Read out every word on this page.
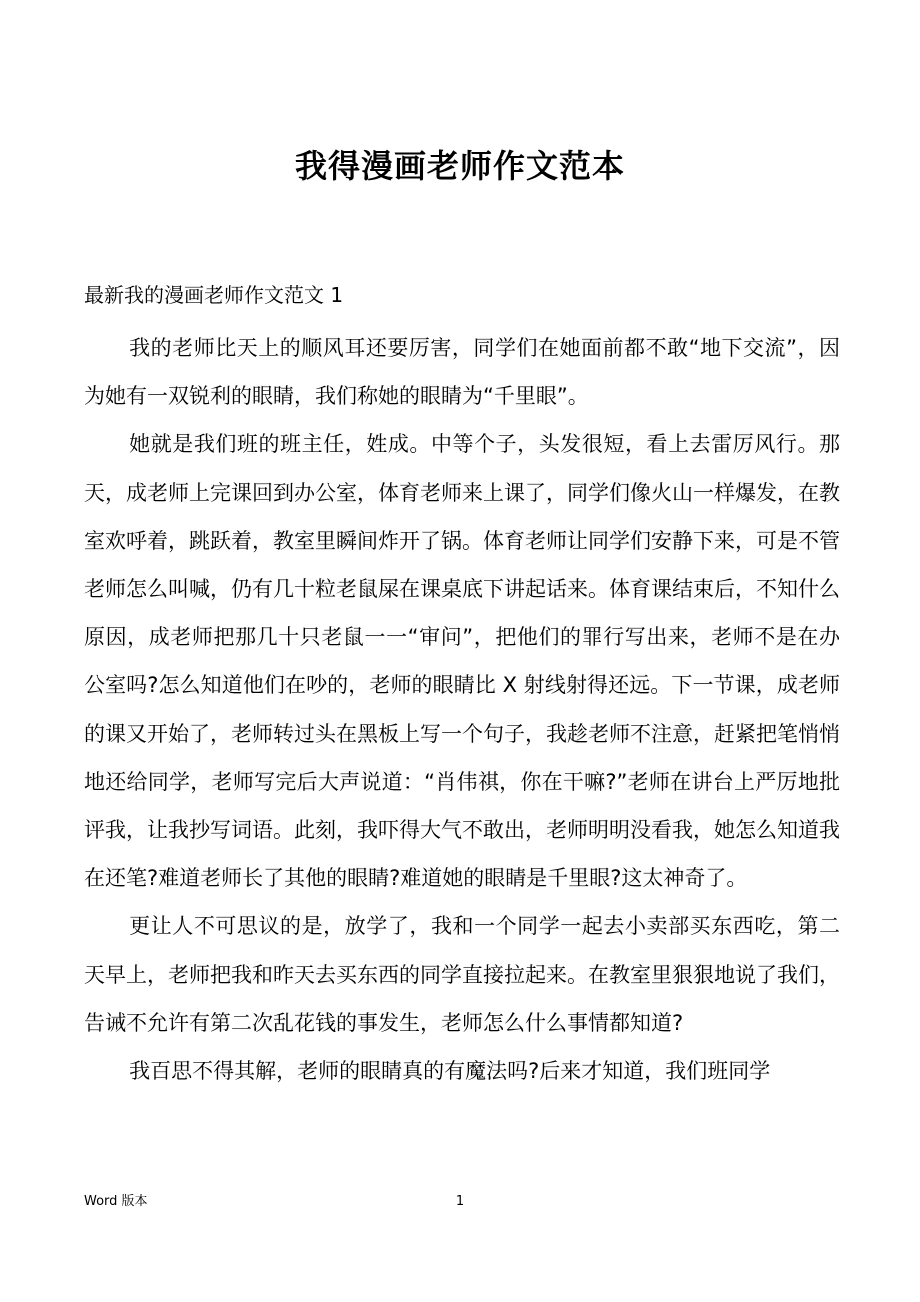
我得漫画老师作文范本
最新我的漫画老师作文范文 1

我的老师比天上的顺风耳还要厉害，同学们在她面前都不敢“地下交流”，因为她有一双锐利的眼睛，我们称她的眼睛为“千里眼”。

她就是我们班的班主任，姓成。中等个子，头发很短，看上去雷厉风行。那天，成老师上完课回到办公室，体育老师来上课了，同学们像火山一样爆发，在教室欢呼着，跳跃着，教室里瞬间炸开了锅。体育老师让同学们安静下来，可是不管老师怎么叫喊，仍有几十粒老鼠屎在课桌底下讲起话来。体育课结束后，不知什么原因，成老师把那几十只老鼠一一“审问”，把他们的罪行写出来，老师不是在办公室吗?怎么知道他们在吵的，老师的眼睛比 X 射线射得还远。下一节课，成老师的课又开始了，老师转过头在黑板上写一个句子，我趁老师不注意，赶紧把笔悄悄地还给同学，老师写完后大声说道：“肖伟祺，你在干嘛?”老师在讲台上严厉地批评我，让我抄写词语。此刻，我吓得大气不敢出，老师明明没看我，她怎么知道我在还笔?难道老师长了其他的眼睛?难道她的眼睛是千里眼?这太神奇了。

更让人不可思议的是，放学了，我和一个同学一起去小卖部买东西吃，第二天早上，老师把我和昨天去买东西的同学直接拉起来。在教室里狠狠地说了我们，告诫不允许有第二次乱花钱的事发生，老师怎么什么事情都知道?

我百思不得其解，老师的眼睛真的有魔法吗?后来才知道，我们班同学

Word 版本	1
